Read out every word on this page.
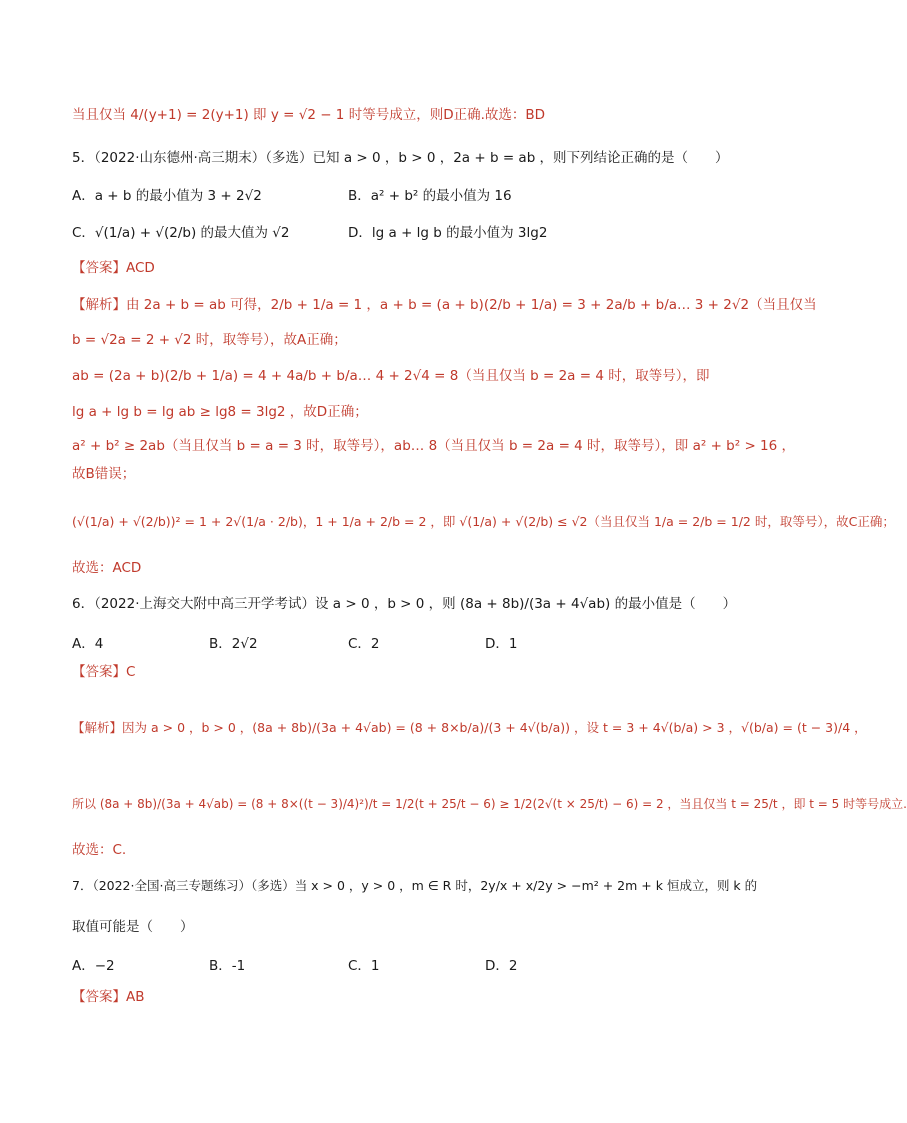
当且仅当 4/(y+1) = 2(y+1) 即 y = √2 − 1 时等号成立，则D正确.故选：BD
5．（2022·山东德州·高三期末）（多选）已知 a > 0 ，b > 0 ，2a + b = ab ，则下列结论正确的是（　　）
A．a + b 的最小值为 3 + 2√2	B．a² + b² 的最小值为 16
C．√(1/a) + √(2/b) 的最大值为 √2	D．lg a + lg b 的最小值为 3lg2
【答案】ACD
【解析】由 2a + b = ab 可得，2/b + 1/a = 1 ，a + b = (a + b)(2/b + 1/a) = 3 + 2a/b + b/a… 3 + 2√2（当且仅当
b = √2a = 2 + √2 时，取等号），故A正确；
ab = (2a + b)(2/b + 1/a) = 4 + 4a/b + b/a… 4 + 2√4 = 8（当且仅当 b = 2a = 4 时，取等号），即
lg a + lg b = lg ab ≥ lg8 = 3lg2 ，故D正确；
a² + b² ≥ 2ab（当且仅当 b = a = 3 时，取等号），ab… 8（当且仅当 b = 2a = 4 时，取等号），即 a² + b² > 16 ，
故B错误；
(√(1/a) + √(2/b))² = 1 + 2√(1/a · 2/b)，1 + 1/a + 2/b = 2 ，即 √(1/a) + √(2/b) ≤ √2（当且仅当 1/a = 2/b = 1/2 时，取等号），故C正确；
故选：ACD
6．（2022·上海交大附中高三开学考试）设 a > 0 ，b > 0 ，则 (8a + 8b)/(3a + 4√ab) 的最小值是（　　）
A．4	B．2√2	C．2	D．1
【答案】C
【解析】因为 a > 0 ，b > 0 ，(8a + 8b)/(3a + 4√ab) = (8 + 8×b/a)/(3 + 4√(b/a)) ，设 t = 3 + 4√(b/a) > 3 ，√(b/a) = (t − 3)/4 ，
所以 (8a + 8b)/(3a + 4√ab) = (8 + 8×((t − 3)/4)²)/t = 1/2(t + 25/t − 6) ≥ 1/2(2√(t × 25/t) − 6) = 2 ，当且仅当 t = 25/t ，即 t = 5 时等号成立.
故选：C.
7．（2022·全国·高三专题练习）（多选）当 x > 0 ，y > 0 ，m ∈ R 时，2y/x + x/2y > −m² + 2m + k 恒成立，则 k 的
取值可能是（　　）
A．−2	B．-1	C．1	D．2
【答案】AB
